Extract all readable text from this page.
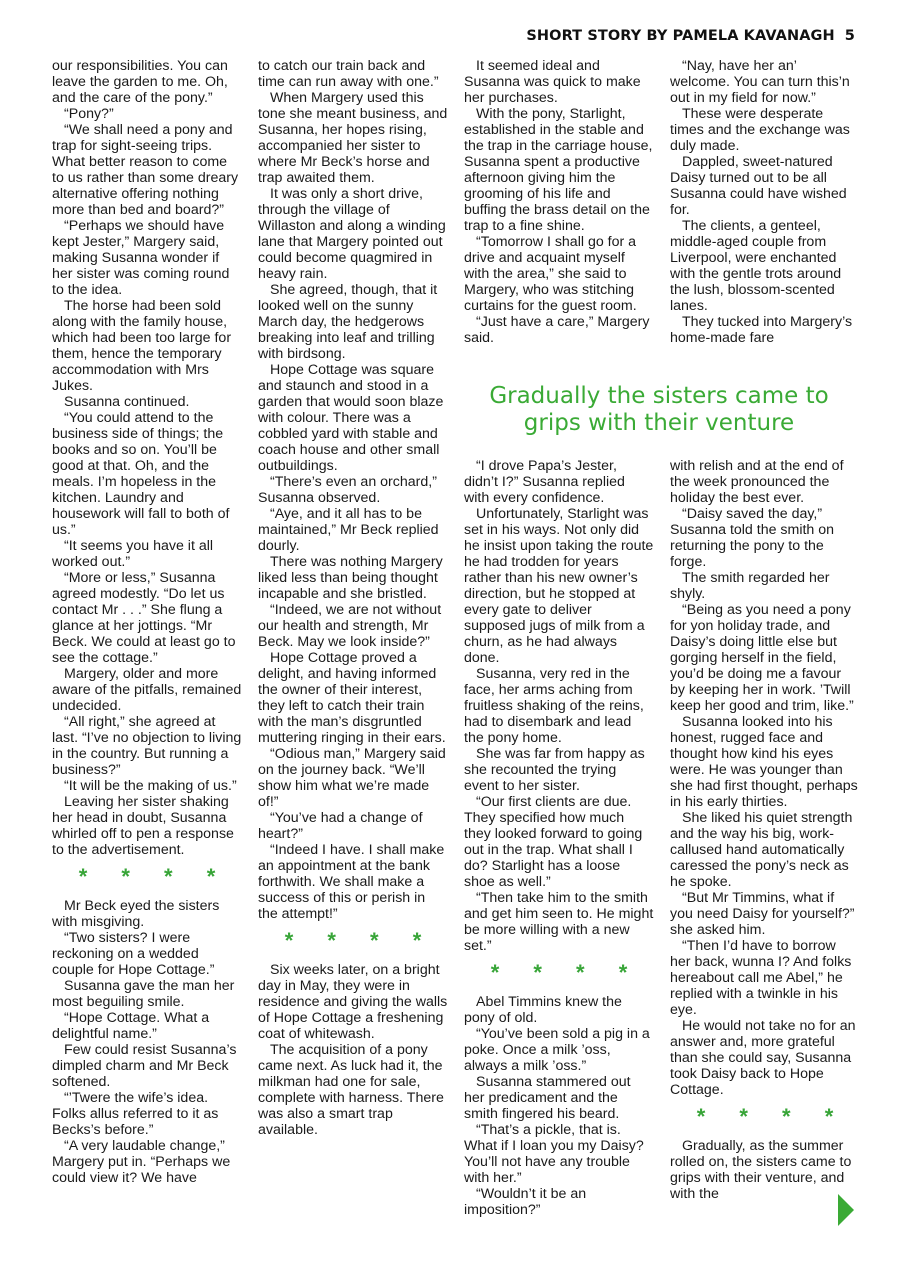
SHORT STORY BY PAMELA KAVANAGH 5

our responsibilities. You can leave the garden to me. Oh, and the care of the pony.”

“Pony?”

“We shall need a pony and trap for sight-seeing trips. What better reason to come to us rather than some dreary alternative offering nothing more than bed and board?”

“Perhaps we should have kept Jester,” Margery said, making Susanna wonder if her sister was coming round to the idea.

The horse had been sold along with the family house, which had been too large for them, hence the temporary accommodation with Mrs Jukes.

Susanna continued.

“You could attend to the business side of things; the books and so on. You’ll be good at that. Oh, and the meals. I’m hopeless in the kitchen. Laundry and housework will fall to both of us.”

“It seems you have it all worked out.”

“More or less,” Susanna agreed modestly. “Do let us contact Mr . . .” She flung a glance at her jottings. “Mr Beck. We could at least go to see the cottage.”

Margery, older and more aware of the pitfalls, remained undecided.

“All right,” she agreed at last. “I’ve no objection to living in the country. But running a business?”

“It will be the making of us.”

Leaving her sister shaking her head in doubt, Susanna whirled off to pen a response to the advertisement.

* * * *

Mr Beck eyed the sisters with misgiving.

“Two sisters? I were reckoning on a wedded couple for Hope Cottage.”

Susanna gave the man her most beguiling smile.

“Hope Cottage. What a delightful name.”

Few could resist Susanna’s dimpled charm and Mr Beck softened.

“’Twere the wife’s idea. Folks allus referred to it as Becks’s before.”

“A very laudable change,” Margery put in. “Perhaps we could view it? We have

to catch our train back and time can run away with one.”

When Margery used this tone she meant business, and Susanna, her hopes rising, accompanied her sister to where Mr Beck’s horse and trap awaited them.

It was only a short drive, through the village of Willaston and along a winding lane that Margery pointed out could become quagmired in heavy rain.

She agreed, though, that it looked well on the sunny March day, the hedgerows breaking into leaf and trilling with birdsong.

Hope Cottage was square and staunch and stood in a garden that would soon blaze with colour. There was a cobbled yard with stable and coach house and other small outbuildings.

“There’s even an orchard,” Susanna observed.

“Aye, and it all has to be maintained,” Mr Beck replied dourly.

There was nothing Margery liked less than being thought incapable and she bristled.

“Indeed, we are not without our health and strength, Mr Beck. May we look inside?”

Hope Cottage proved a delight, and having informed the owner of their interest, they left to catch their train with the man’s disgruntled muttering ringing in their ears.

“Odious man,” Margery said on the journey back. “We’ll show him what we’re made of!”

“You’ve had a change of heart?”

“Indeed I have. I shall make an appointment at the bank forthwith. We shall make a success of this or perish in the attempt!”

* * * *

Six weeks later, on a bright day in May, they were in residence and giving the walls of Hope Cottage a freshening coat of whitewash.

The acquisition of a pony came next. As luck had it, the milkman had one for sale, complete with harness. There was also a smart trap available.

It seemed ideal and Susanna was quick to make her purchases.

With the pony, Starlight, established in the stable and the trap in the carriage house, Susanna spent a productive afternoon giving him the grooming of his life and buffing the brass detail on the trap to a fine shine.

“Tomorrow I shall go for a drive and acquaint myself with the area,” she said to Margery, who was stitching curtains for the guest room.

“Just have a care,” Margery said.

“Nay, have her an’ welcome. You can turn this’n out in my field for now.”

These were desperate times and the exchange was duly made.

Dappled, sweet-natured Daisy turned out to be all Susanna could have wished for.

The clients, a genteel, middle-aged couple from Liverpool, were enchanted with the gentle trots around the lush, blossom-scented lanes.

They tucked into Margery’s home-made fare

Gradually the sisters came to grips with their venture

“I drove Papa’s Jester, didn’t I?” Susanna replied with every confidence.

Unfortunately, Starlight was set in his ways. Not only did he insist upon taking the route he had trodden for years rather than his new owner’s direction, but he stopped at every gate to deliver supposed jugs of milk from a churn, as he had always done.

Susanna, very red in the face, her arms aching from fruitless shaking of the reins, had to disembark and lead the pony home.

She was far from happy as she recounted the trying event to her sister.

“Our first clients are due. They specified how much they looked forward to going out in the trap. What shall I do? Starlight has a loose shoe as well.”

“Then take him to the smith and get him seen to. He might be more willing with a new set.”

* * * *

Abel Timmins knew the pony of old.

“You’ve been sold a pig in a poke. Once a milk ’oss, always a milk ’oss.”

Susanna stammered out her predicament and the smith fingered his beard.

“That’s a pickle, that is. What if I loan you my Daisy? You’ll not have any trouble with her.”

“Wouldn’t it be an imposition?”

with relish and at the end of the week pronounced the holiday the best ever.

“Daisy saved the day,” Susanna told the smith on returning the pony to the forge.

The smith regarded her shyly.

“Being as you need a pony for yon holiday trade, and Daisy’s doing little else but gorging herself in the field, you’d be doing me a favour by keeping her in work. ’Twill keep her good and trim, like.”

Susanna looked into his honest, rugged face and thought how kind his eyes were. He was younger than she had first thought, perhaps in his early thirties.

She liked his quiet strength and the way his big, work-callused hand automatically caressed the pony’s neck as he spoke.

“But Mr Timmins, what if you need Daisy for yourself?” she asked him.

“Then I’d have to borrow her back, wunna I? And folks hereabout call me Abel,” he replied with a twinkle in his eye.

He would not take no for an answer and, more grateful than she could say, Susanna took Daisy back to Hope Cottage.

* * * *

Gradually, as the summer rolled on, the sisters came to grips with their venture, and with the
